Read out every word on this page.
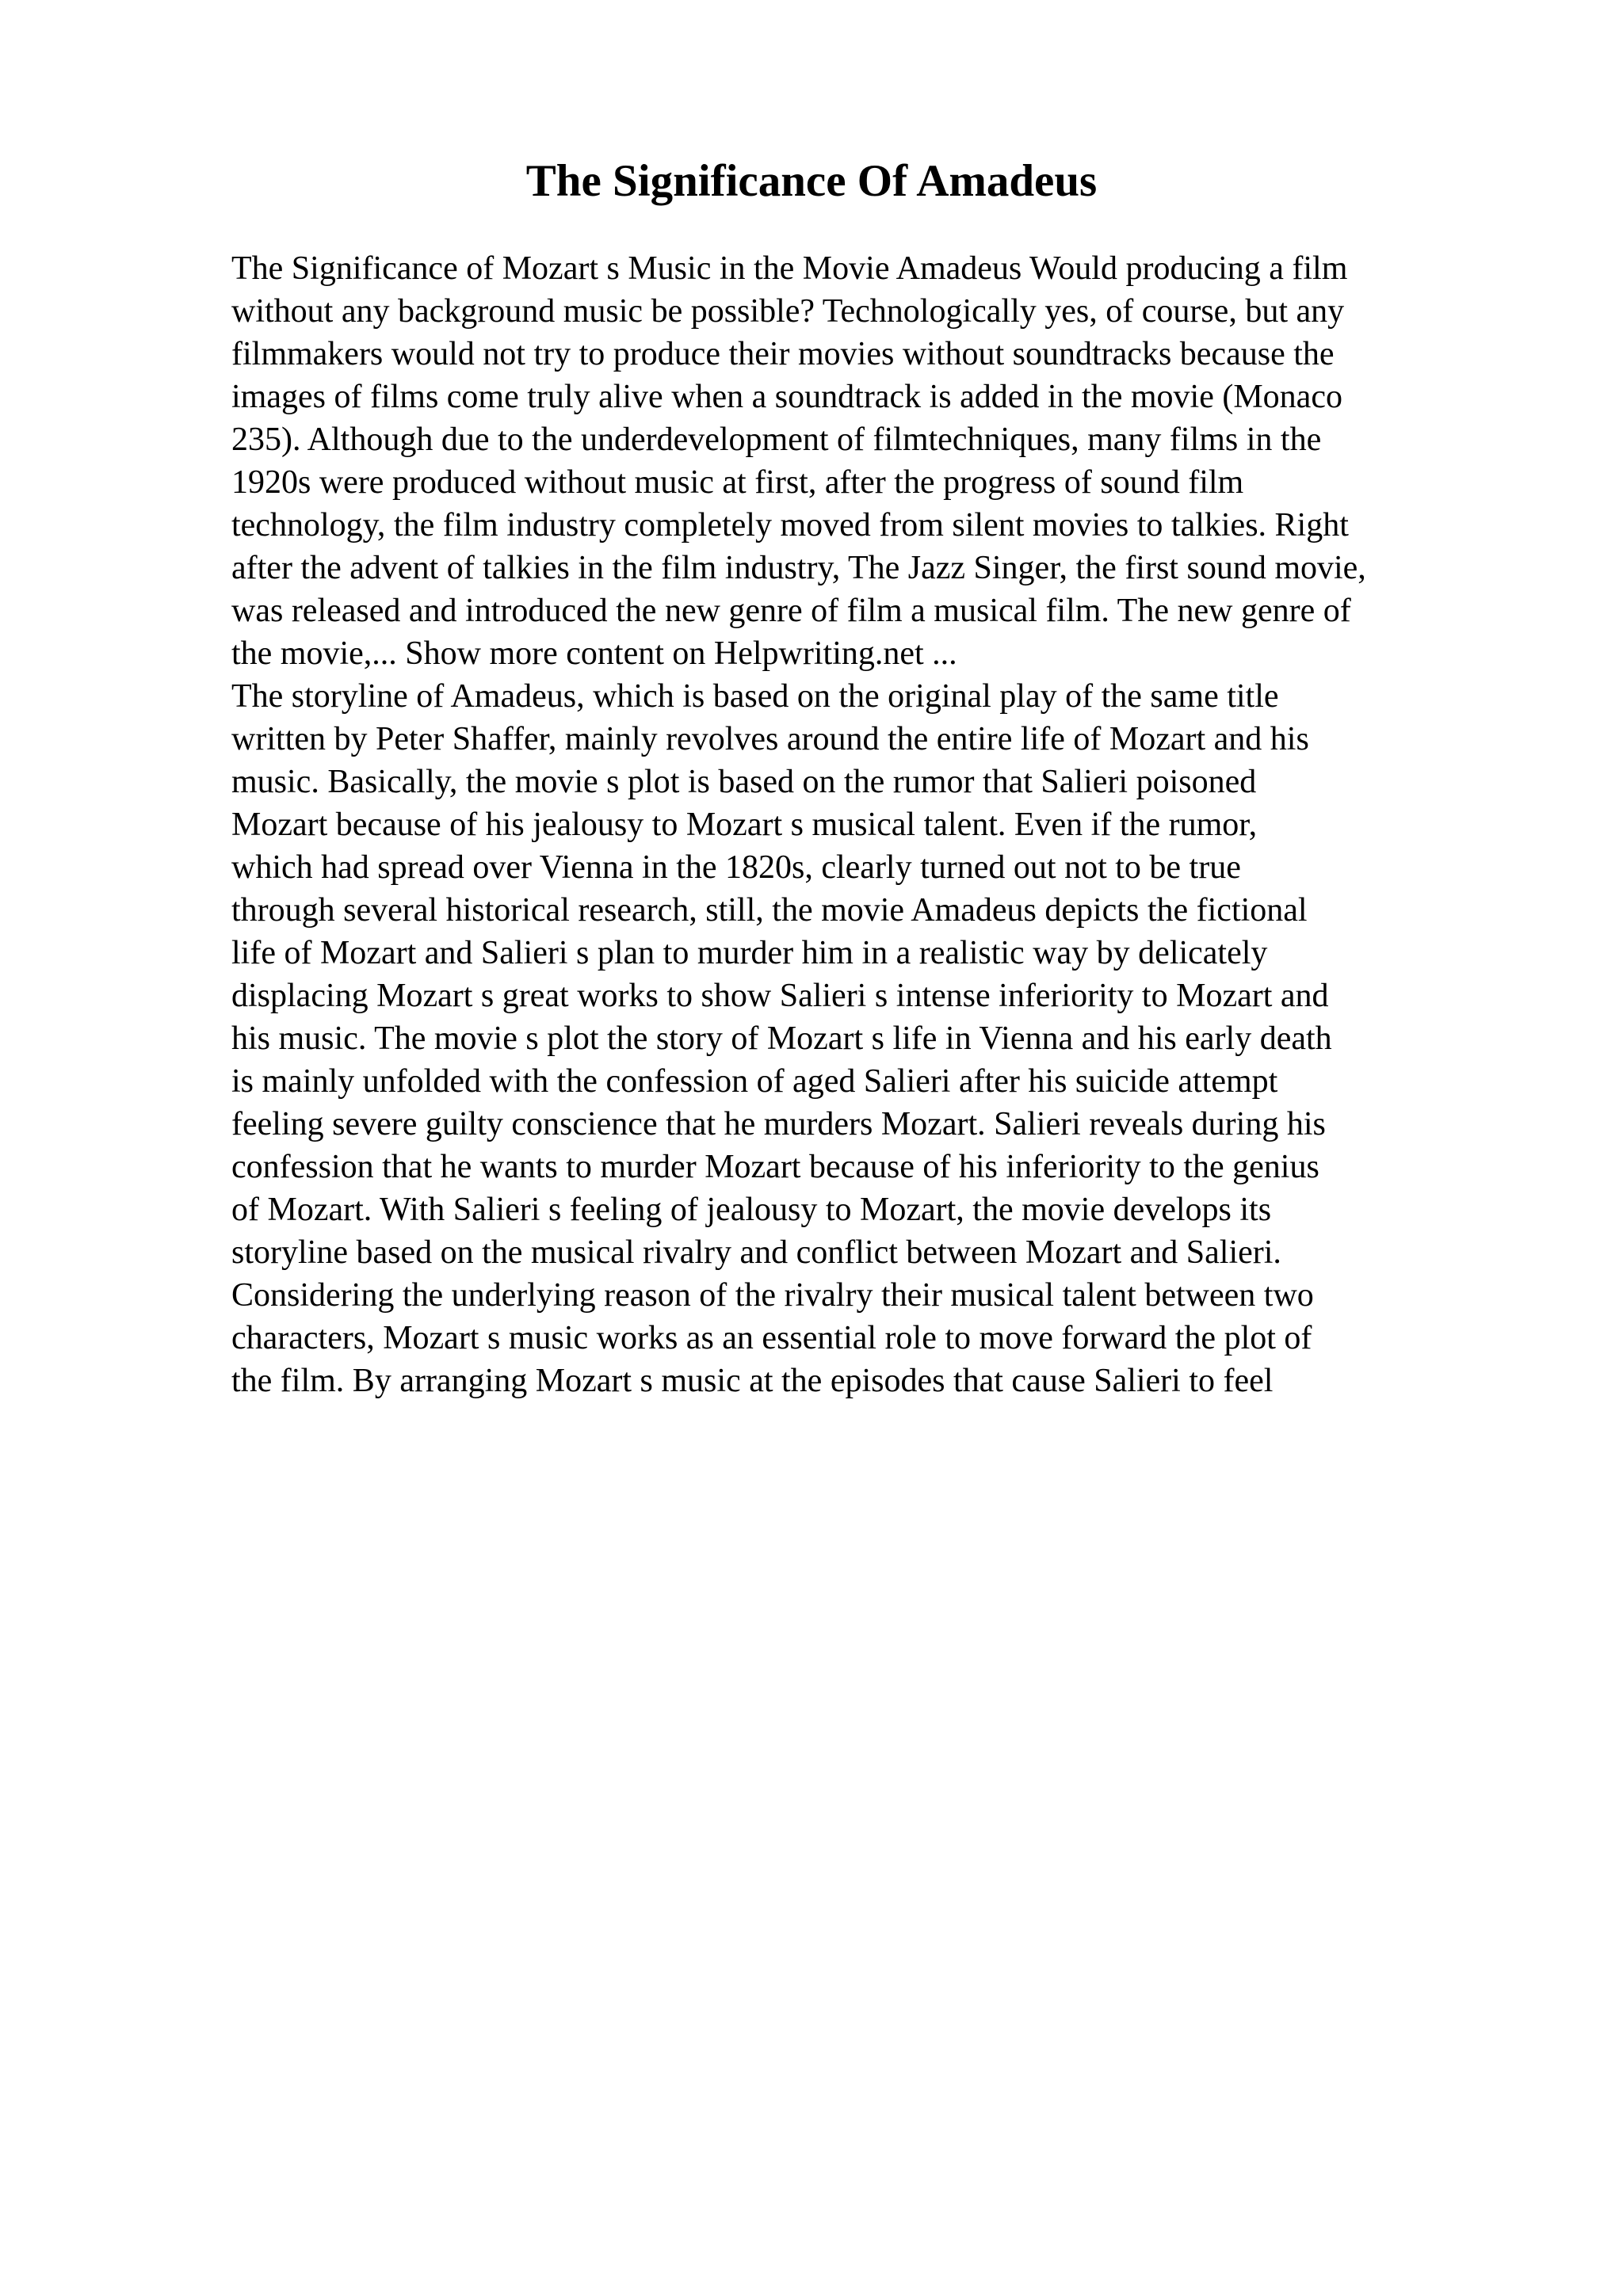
The Significance Of Amadeus
The Significance of Mozart s Music in the Movie Amadeus Would producing a film
without any background music be possible? Technologically yes, of course, but any
filmmakers would not try to produce their movies without soundtracks because the
images of films come truly alive when a soundtrack is added in the movie (Monaco
235). Although due to the underdevelopment of filmtechniques, many films in the
1920s were produced without music at first, after the progress of sound film
technology, the film industry completely moved from silent movies to talkies. Right
after the advent of talkies in the film industry, The Jazz Singer, the first sound movie,
was released and introduced the new genre of film a musical film. The new genre of
the movie,... Show more content on Helpwriting.net ...
The storyline of Amadeus, which is based on the original play of the same title
written by Peter Shaffer, mainly revolves around the entire life of Mozart and his
music. Basically, the movie s plot is based on the rumor that Salieri poisoned
Mozart because of his jealousy to Mozart s musical talent. Even if the rumor,
which had spread over Vienna in the 1820s, clearly turned out not to be true
through several historical research, still, the movie Amadeus depicts the fictional
life of Mozart and Salieri s plan to murder him in a realistic way by delicately
displacing Mozart s great works to show Salieri s intense inferiority to Mozart and
his music. The movie s plot the story of Mozart s life in Vienna and his early death
is mainly unfolded with the confession of aged Salieri after his suicide attempt
feeling severe guilty conscience that he murders Mozart. Salieri reveals during his
confession that he wants to murder Mozart because of his inferiority to the genius
of Mozart. With Salieri s feeling of jealousy to Mozart, the movie develops its
storyline based on the musical rivalry and conflict between Mozart and Salieri.
Considering the underlying reason of the rivalry their musical talent between two
characters, Mozart s music works as an essential role to move forward the plot of
the film. By arranging Mozart s music at the episodes that cause Salieri to feel
